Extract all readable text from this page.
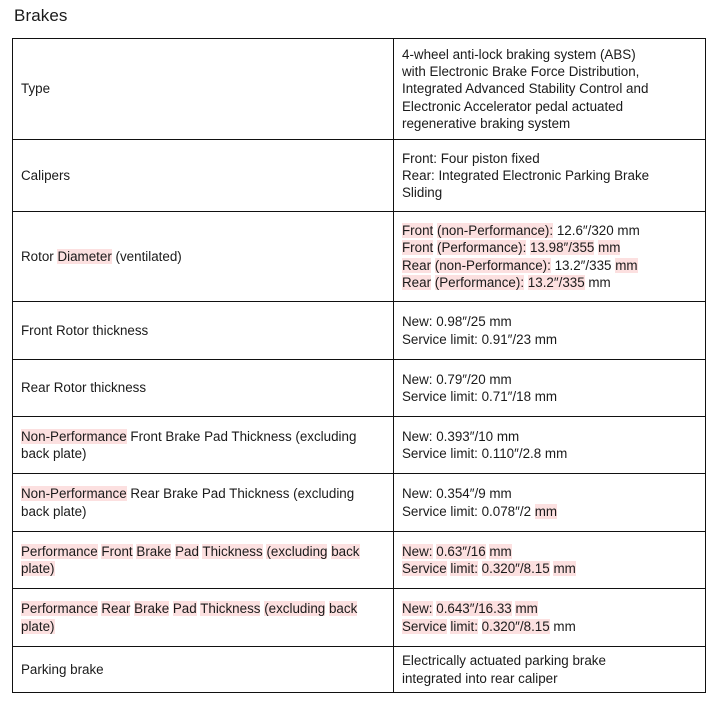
Brakes
Type	4-wheel anti-lock braking system (ABS)
with Electronic Brake Force Distribution,
Integrated Advanced Stability Control and
Electronic Accelerator pedal actuated
regenerative braking system

Calipers	Front: Four piston fixed
Rear: Integrated Electronic Parking Brake
Sliding

Rotor Diameter (ventilated)	Front (non-Performance): 12.6″/320 mm
Front (Performance): 13.98″/355 mm
Rear (non-Performance): 13.2″/335 mm
Rear (Performance): 13.2″/335 mm

Front Rotor thickness	New: 0.98″/25 mm
Service limit: 0.91″/23 mm

Rear Rotor thickness	New: 0.79″/20 mm
Service limit: 0.71″/18 mm

Non-Performance Front Brake Pad Thickness (excluding back plate)	New: 0.393″/10 mm
Service limit: 0.110″/2.8 mm

Non-Performance Rear Brake Pad Thickness (excluding back plate)	New: 0.354″/9 mm
Service limit: 0.078″/2 mm

Performance Front Brake Pad Thickness (excluding back plate)	New: 0.63″/16 mm
Service limit: 0.320″/8.15 mm

Performance Rear Brake Pad Thickness (excluding back plate)	New: 0.643″/16.33 mm
Service limit: 0.320″/8.15 mm

Parking brake	Electrically actuated parking brake
integrated into rear caliper
